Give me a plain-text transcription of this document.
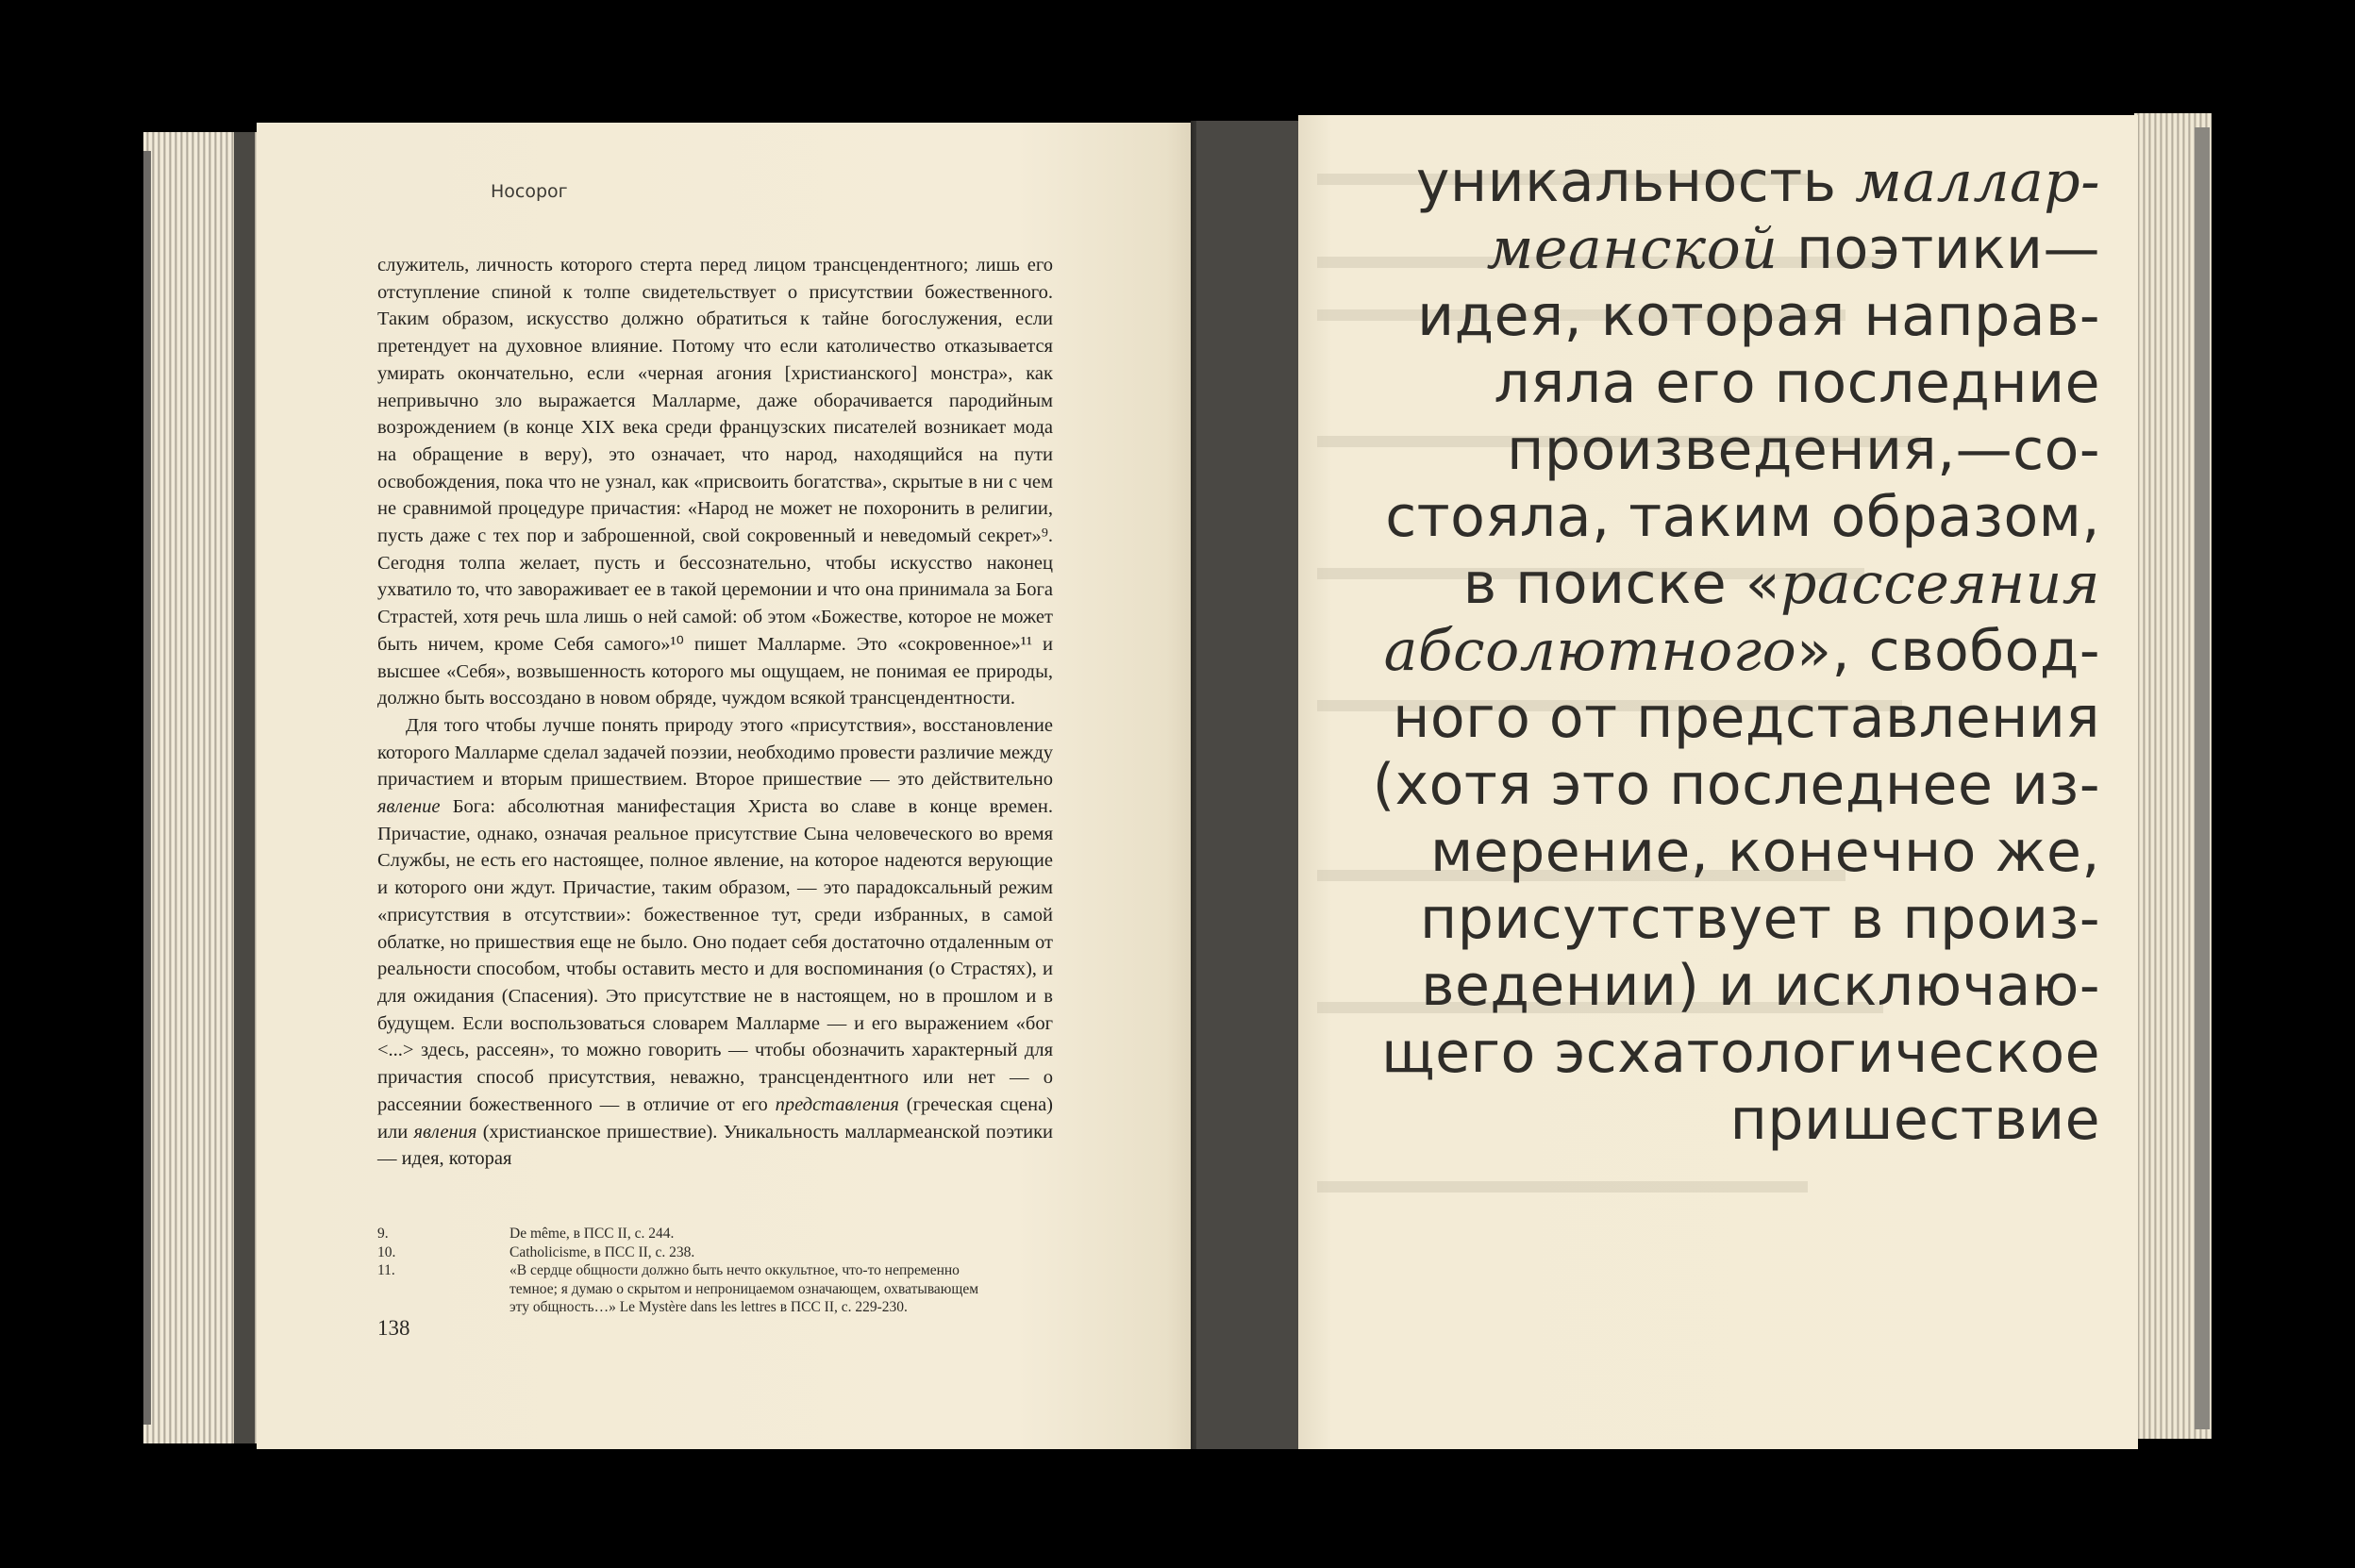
Носорог

служитель, личность которого стерта перед лицом трансцендентного; лишь его отступление спиной к толпе свидетельствует о присутствии божественного. Таким образом, искусство должно обратиться к тайне богослужения, если претендует на духовное влияние. Потому что если католичество отказывается умирать окончательно, если «черная агония [христианского] монстра», как непривычно зло выражается Малларме, даже оборачивается пародийным возрождением (в конце XIX века среди французских писателей возникает мода на обращение в веру), это означает, что народ, находящийся на пути освобождения, пока что не узнал, как «присвоить богатства», скрытые в ни с чем не сравнимой процедуре причастия: «Народ не может не похоронить в религии, пусть даже с тех пор и заброшенной, свой сокровенный и неведомый секрет»⁹. Сегодня толпа желает, пусть и бессознательно, чтобы искусство наконец ухватило то, что завораживает ее в такой церемонии и что она принимала за Бога Страстей, хотя речь шла лишь о ней самой: об этом «Божестве, которое не может быть ничем, кроме Себя самого»¹⁰ пишет Малларме. Это «сокровенное»¹¹ и высшее «Себя», возвышенность которого мы ощущаем, не понимая ее природы, должно быть воссоздано в новом обряде, чуждом всякой трансцендентности.

Для того чтобы лучше понять природу этого «присутствия», восстановление которого Малларме сделал задачей поэзии, необходимо провести различие между причастием и вторым пришествием. Второе пришествие — это действительно явление Бога: абсолютная манифестация Христа во славе в конце времен. Причастие, однако, означая реальное присутствие Сына человеческого во время Службы, не есть его настоящее, полное явление, на которое надеются верующие и которого они ждут. Причастие, таким образом, — это парадоксальный режим «присутствия в отсутствии»: божественное тут, среди избранных, в самой облатке, но пришествия еще не было. Оно подает себя достаточно отдаленным от реальности способом, чтобы оставить место и для воспоминания (о Страстях), и для ожидания (Спасения). Это присутствие не в настоящем, но в прошлом и в будущем. Если воспользоваться словарем Малларме — и его выражением «бог <...> здесь, рассеян», то можно говорить — чтобы обозначить характерный для причастия способ присутствия, неважно, трансцендентного или нет — о рассеянии божественного — в отличие от его представления (греческая сцена) или явления (христианское пришествие). Уникальность маллармеанской поэтики — идея, которая

9.	De même, в ПСС II, с. 244.
10.	Catholicisme, в ПСС II, с. 238.
11.	«В сердце общности должно быть нечто оккультное, что-то непременно темное; я думаю о скрытом и непроницаемом означающем, охватывающем эту общность…» Le Mystère dans les lettres в ПСС II, с. 229-230.

138

уникальность маллар-
меанской поэтики—
идея, которая направ-
ляла его последние
произведения,—со-
стояла, таким образом,
в поиске «рассеяния
абсолютного», свобод-
ного от представления
(хотя это последнее из-
мерение, конечно же,
присутствует в произ-
ведении) и исключаю-
щего эсхатологическое
пришествие
